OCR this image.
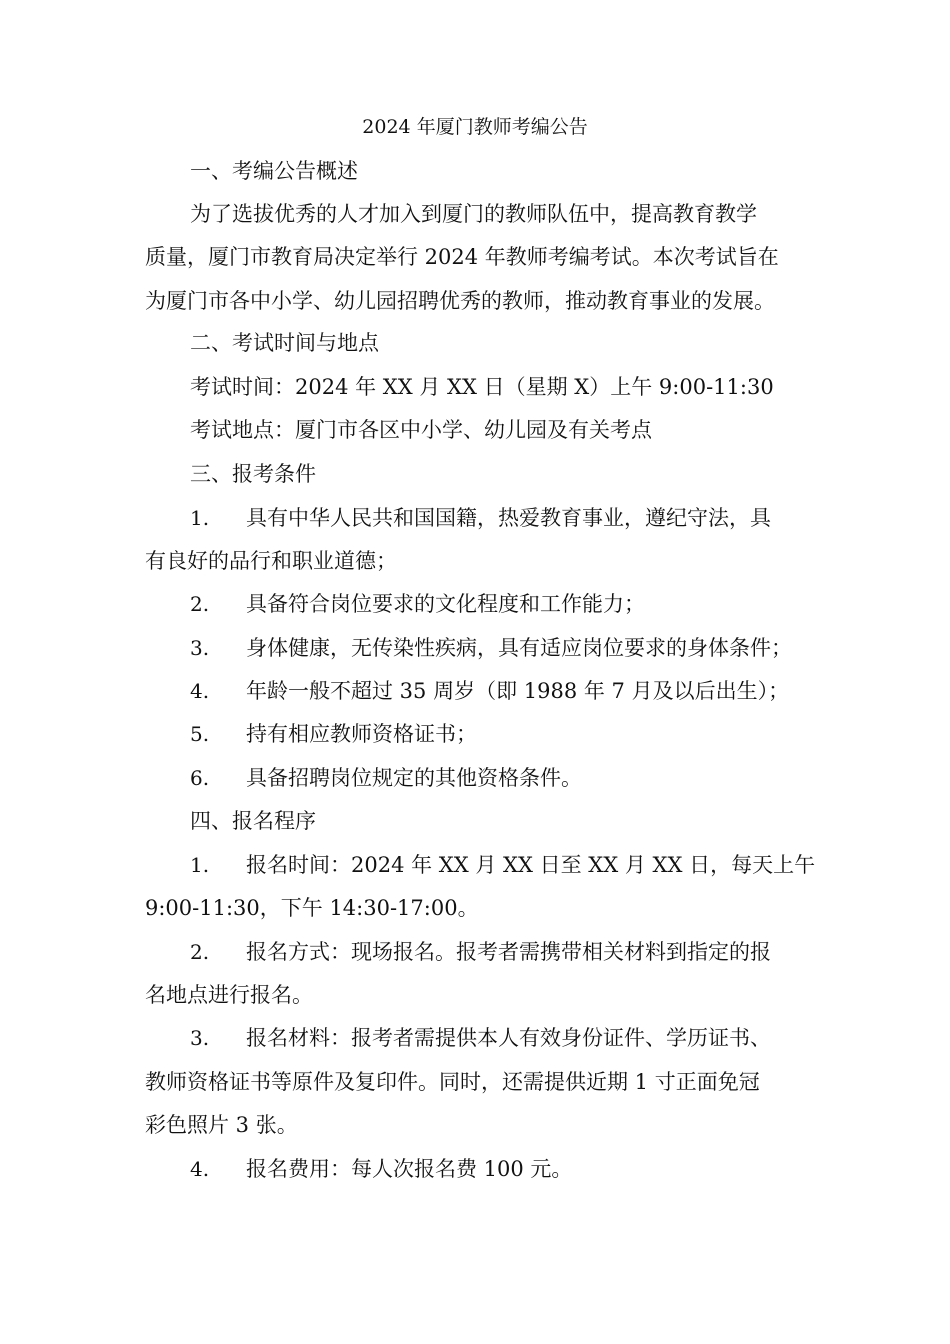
2024 年厦门教师考编公告
一、考编公告概述
为了选拔优秀的人才加入到厦门的教师队伍中，提高教育教学
质量，厦门市教育局决定举行 2024 年教师考编考试。本次考试旨在
为厦门市各中小学、幼儿园招聘优秀的教师，推动教育事业的发展。
二、考试时间与地点
考试时间：2024 年 XX 月 XX 日（星期 X）上午 9:00-11:30
考试地点：厦门市各区中小学、幼儿园及有关考点
三、报考条件
1. 具有中华人民共和国国籍，热爱教育事业，遵纪守法，具
有良好的品行和职业道德；
2. 具备符合岗位要求的文化程度和工作能力；
3. 身体健康，无传染性疾病，具有适应岗位要求的身体条件；
4. 年龄一般不超过 35 周岁（即 1988 年 7 月及以后出生）；
5. 持有相应教师资格证书；
6. 具备招聘岗位规定的其他资格条件。
四、报名程序
1. 报名时间：2024 年 XX 月 XX 日至 XX 月 XX 日，每天上午
9:00-11:30，下午 14:30-17:00。
2. 报名方式：现场报名。报考者需携带相关材料到指定的报
名地点进行报名。
3. 报名材料：报考者需提供本人有效身份证件、学历证书、
教师资格证书等原件及复印件。同时，还需提供近期 1 寸正面免冠
彩色照片 3 张。
4. 报名费用：每人次报名费 100 元。
